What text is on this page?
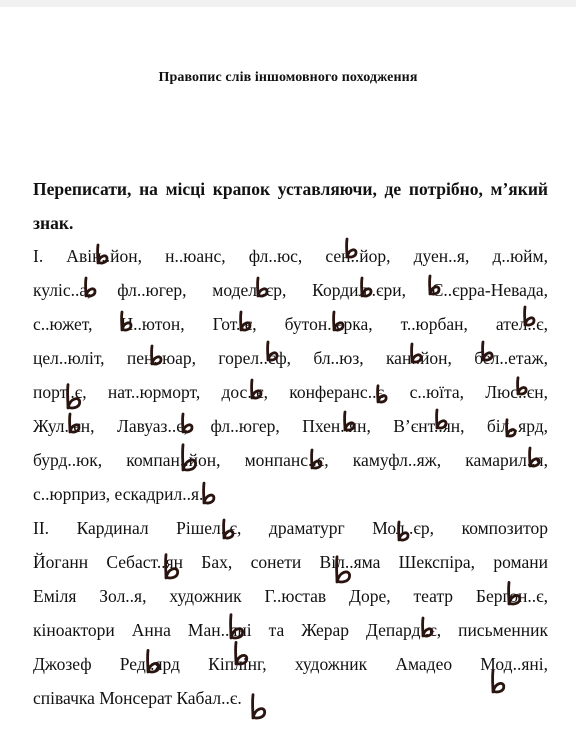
Правопис слів іншомовного походження

Переписати, на місці крапок уставляючи, де потрібно, м’який знак.

І. Авін..йон, н..юанс, фл..юс, сен..йор, дуен..я, д..юйм,
куліс..а, фл..югер, модел..єр, Кордил..єри, С..єрра-Невада,
с..южет, Н..ютон, Гот..є, бутон..єрка, т..юрбан, ател..є,
цел..юліт, пен..юар, горел..єф, бл..юз, кан..йон, бел..етаж,
порт..є, нат..юрморт, дос..є, конферанс..є, с..юїта, Люс..єн,
Жул..єн, Лавуаз..є, фл..югер, Пхен..ян, В’єнт..ян, біл..ярд,
бурд..юк, компан..йон, монпанс..є, камуфл..яж, камарил..я,
с..юрприз, ескадрил..я.
ІІ. Кардинал Рішел..є, драматург Мол..єр, композитор
Йоганн Себаст..ян Бах, сонети Віл..яма Шекспіра, романи
Еміля Зол..я, художник Г..юстав Доре, театр Бергон..є,
кіноактори Анна Ман..яні та Жерар Депард..є, письменник
Джозеф Ред..ярд Кіплінг, художник Амадео Мод..яні,
співачка Монсерат Кабал..є.
